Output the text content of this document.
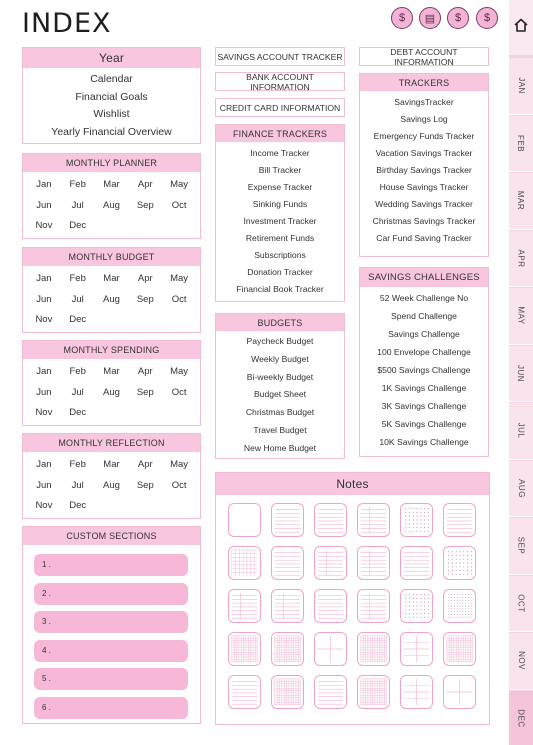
INDEX	$ ▤ $ $
Year
Calendar
Financial Goals
Wishlist
Yearly Financial Overview
MONTHLY PLANNER
Jan	Feb	Mar	Apr	May
Jun	Jul	Aug	Sep	Oct
Nov	Dec
MONTHLY BUDGET
Jan	Feb	Mar	Apr	May
Jun	Jul	Aug	Sep	Oct
Nov	Dec
MONTHLY SPENDING
Jan	Feb	Mar	Apr	May
Jun	Jul	Aug	Sep	Oct
Nov	Dec
MONTHLY REFLECTION
Jan	Feb	Mar	Apr	May
Jun	Jul	Aug	Sep	Oct
Nov	Dec
CUSTOM SECTIONS
1 .
2 .
3 .
4 .
5 .
6 .
SAVINGS ACCOUNT TRACKER
BANK ACCOUNT INFORMATION
CREDIT CARD INFORMATION
FINANCE TRACKERS
Income Tracker
Bill Tracker
Expense Tracker
Sinking Funds
Investment Tracker
Retirement Funds
Subscriptions
Donation Tracker
Financial Book Tracker
BUDGETS
Paycheck Budget
Weekly Budget
Bi-weekly Budget
Budget Sheet
Christmas Budget
Travel Budget
New Home Budget
DEBT ACCOUNT INFORMATION
TRACKERS
SavingsTracker
Savings Log
Emergency Funds Tracker
Vacation Savings Tracker
Birthday Savings Tracker
House Savings Tracker
Wedding Savings Tracker
Christmas Savings Tracker
Car Fund Saving Tracker
SAVINGS CHALLENGES
52 Week Challenge No
Spend Challenge
Savings Challenge
100 Envelope Challenge
$500 Savings Challenge
1K Savings Challenge
3K Savings Challenge
5K Savings Challenge
10K Savings Challenge
Notes
JAN
FEB
MAR
APR
MAY
JUN
JUL
AUG
SEP
OCT
NOV
DEC
